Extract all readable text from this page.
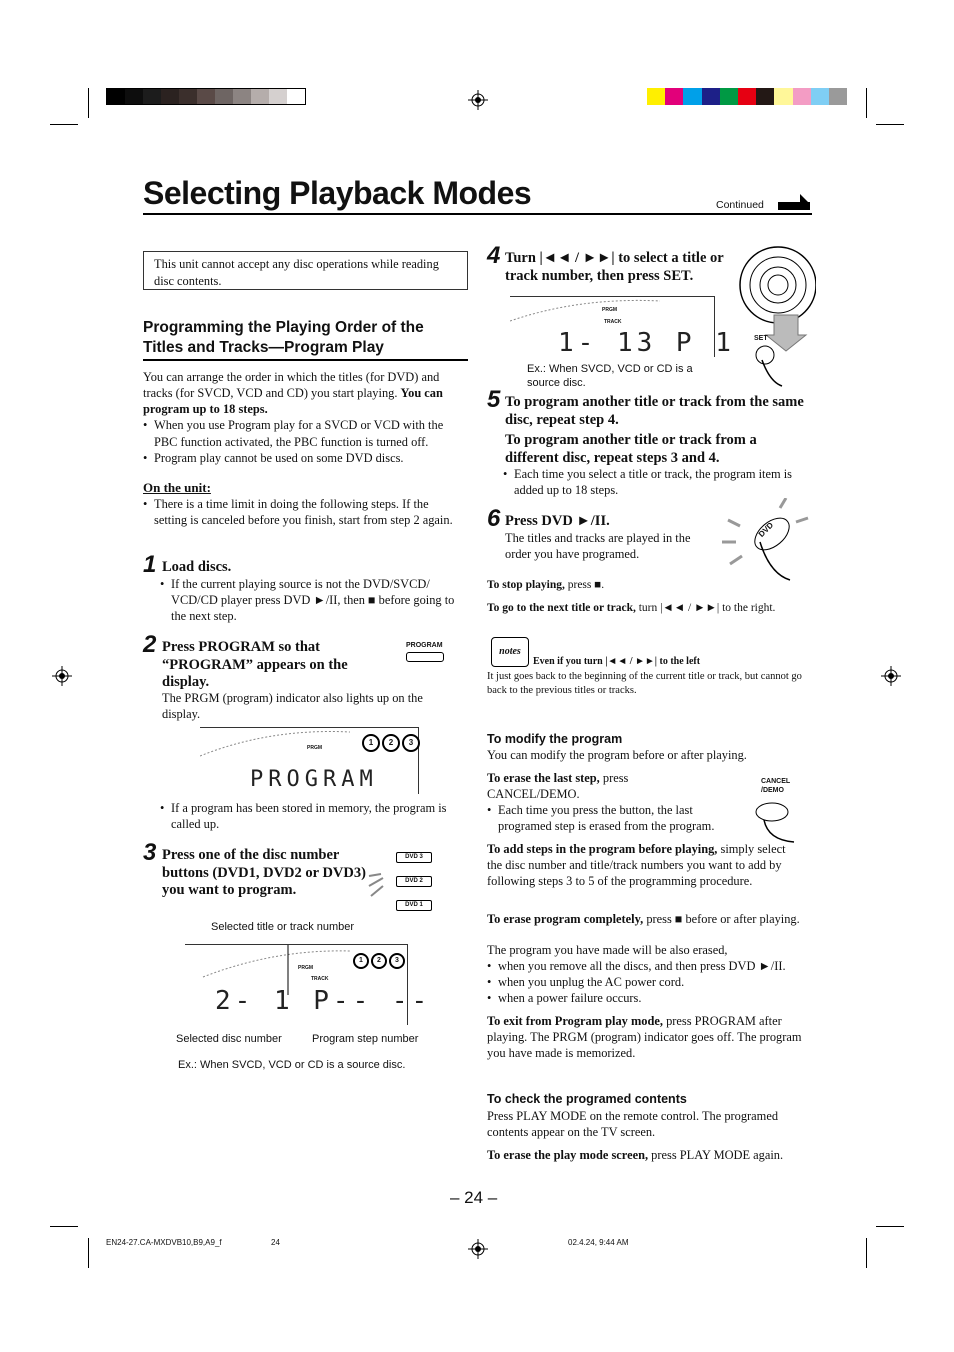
Selecting Playback Modes	Continued
This unit cannot accept any disc operations while reading disc contents.
Programming the Playing Order of the Titles and Tracks—Program Play

You can arrange the order in which the titles (for DVD) and tracks (for SVCD, VCD and CD) you start playing. You can program up to 18 steps.

• When you use Program play for a SVCD or VCD with the PBC function activated, the PBC function is turned off.
• Program play cannot be used on some DVD discs.
On the unit:
• There is a time limit in doing the following steps. If the setting is canceled before you finish, start from step 2 again.
1 Load discs.
• If the current playing source is not the DVD/SVCD/ VCD/CD player press DVD ►/II, then ■ before going to the next step.
2 Press PROGRAM so that “PROGRAM” appears on the display.
The PRGM (program) indicator also lights up on the display.
PROGRAM
PRGM
1	2	3
PROGRAM
• If a program has been stored in memory, the program is called up.
3 Press one of the disc number buttons (DVD1, DVD2 or DVD3) you want to program.
DVD 3
DVD 2
DVD 1
Selected title or track number
PRGM
TRACK
1	2	3
2- 1 P-- --
Selected disc number	Program step number
Ex.: When SVCD, VCD or CD is a source disc.
4 Turn |◄◄ / ►►| to select a title or track number, then press SET.
PRGM
TRACK
1- 13 P 1
Ex.: When SVCD, VCD or CD is a source disc.
SET
5 To program another title or track from the same disc, repeat step 4.
To program another title or track from a different disc, repeat steps 3 and 4.
• Each time you select a title or track, the program item is added up to 18 steps.
6 Press DVD ►/II.
The titles and tracks are played in the order you have programed.
DVD
To stop playing, press ■.
To go to the next title or track, turn |◄◄ / ►►| to the right.
notes
Even if you turn |◄◄ / ►►| to the left
It just goes back to the beginning of the current title or track, but cannot go back to the previous titles or tracks.
To modify the program
You can modify the program before or after playing.
To erase the last step, press CANCEL/DEMO.
• Each time you press the button, the last programed step is erased from the program.
CANCEL /DEMO
To add steps in the program before playing, simply select the disc number and title/track numbers you want to add by following steps 3 to 5 of the programming procedure.
To erase program completely, press ■ before or after playing.
The program you have made will be also erased,
• when you remove all the discs, and then press DVD ►/II.
• when you unplug the AC power cord.
• when a power failure occurs.
To exit from Program play mode, press PROGRAM after playing. The PRGM (program) indicator goes off. The program you have made is memorized.
To check the programed contents
Press PLAY MODE on the remote control. The programed contents appear on the TV screen.
To erase the play mode screen, press PLAY MODE again.
– 24 –
EN24-27.CA-MXDVB10,B9,A9_f	24	02.4.24, 9:44 AM
